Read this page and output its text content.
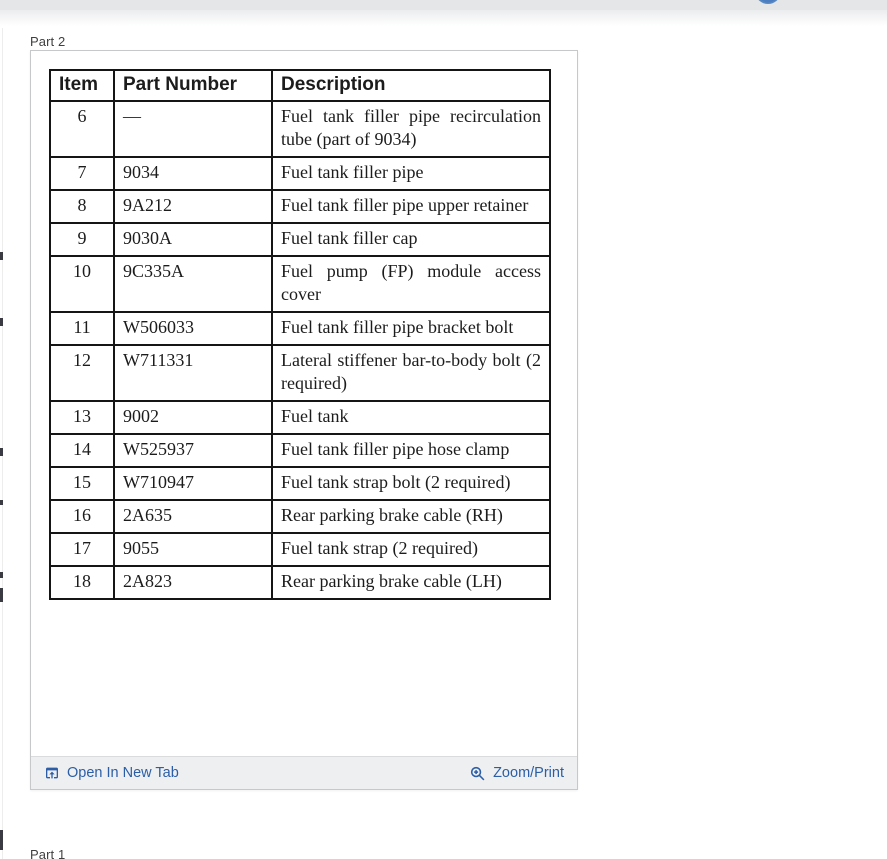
Part 2
Item	Part Number	Description
6	—	Fuel tank filler pipe recirculation tube (part of 9034)
7	9034	Fuel tank filler pipe
8	9A212	Fuel tank filler pipe upper retainer
9	9030A	Fuel tank filler cap
10	9C335A	Fuel pump (FP) module access cover
11	W506033	Fuel tank filler pipe bracket bolt
12	W711331	Lateral stiffener bar-to-body bolt (2 required)
13	9002	Fuel tank
14	W525937	Fuel tank filler pipe hose clamp
15	W710947	Fuel tank strap bolt (2 required)
16	2A635	Rear parking brake cable (RH)
17	9055	Fuel tank strap (2 required)
18	2A823	Rear parking brake cable (LH)
Open In New Tab	Zoom/Print
Part 1
